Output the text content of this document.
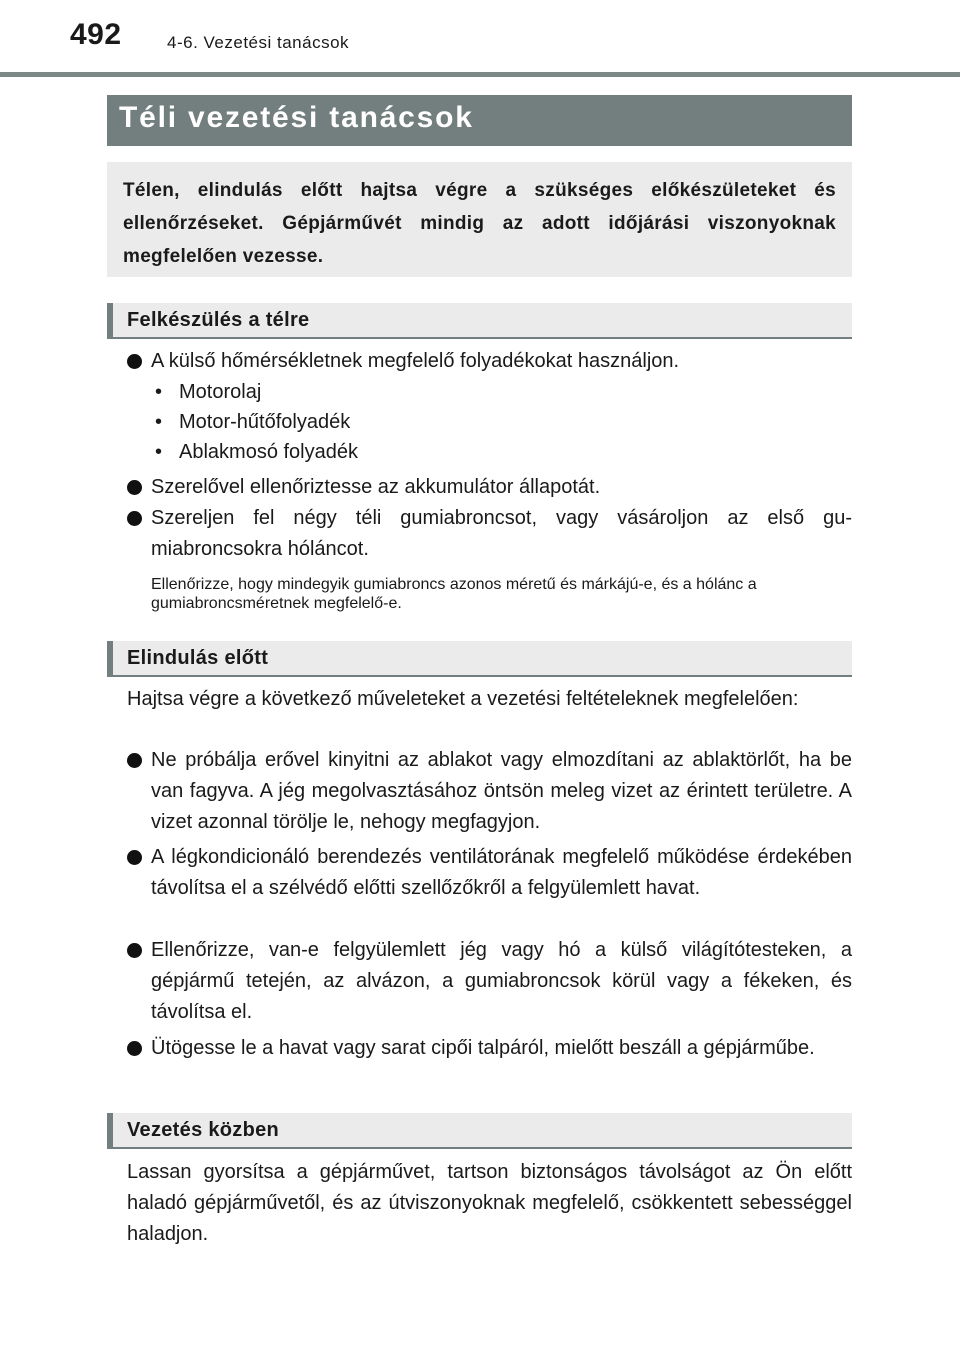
492	4-6. Vezetési tanácsok
Téli vezetési tanácsok
Télen, elindulás előtt hajtsa végre a szükséges előkészületeket és ellenőrzéseket. Gépjárművét mindig az adott időjárási viszonyoknak megfelelően vezesse.
Felkészülés a télre
A külső hőmérsékletnek megfelelő folyadékokat használjon.
• Motorolaj
• Motor-hűtőfolyadék
• Ablakmosó folyadék
Szerelővel ellenőriztesse az akkumulátor állapotát.
Szereljen fel négy téli gumiabroncsot, vagy vásároljon az első gumiabroncsokra hóláncot.
Ellenőrizze, hogy mindegyik gumiabroncs azonos méretű és márkájú-e, és a hólánc a gumiabroncsméretnek megfelelő-e.
Elindulás előtt
Hajtsa végre a következő műveleteket a vezetési feltételeknek megfelelően:
Ne próbálja erővel kinyitni az ablakot vagy elmozdítani az ablaktörlőt, ha be van fagyva. A jég megolvasztásához öntsön meleg vizet az érintett területre. A vizet azonnal törölje le, nehogy megfagyjon.
A légkondicionáló berendezés ventilátorának megfelelő működése érdekében távolítsa el a szélvédő előtti szellőzőkről a felgyülemlett havat.
Ellenőrizze, van-e felgyülemlett jég vagy hó a külső világítótesteken, a gépjármű tetején, az alvázon, a gumiabroncsok körül vagy a fékeken, és távolítsa el.
Ütögesse le a havat vagy sarat cipői talpáról, mielőtt beszáll a gépjárműbe.
Vezetés közben
Lassan gyorsítsa a gépjárművet, tartson biztonságos távolságot az Ön előtt haladó gépjárművetől, és az útviszonyoknak megfelelő, csökkentett sebességgel haladjon.
